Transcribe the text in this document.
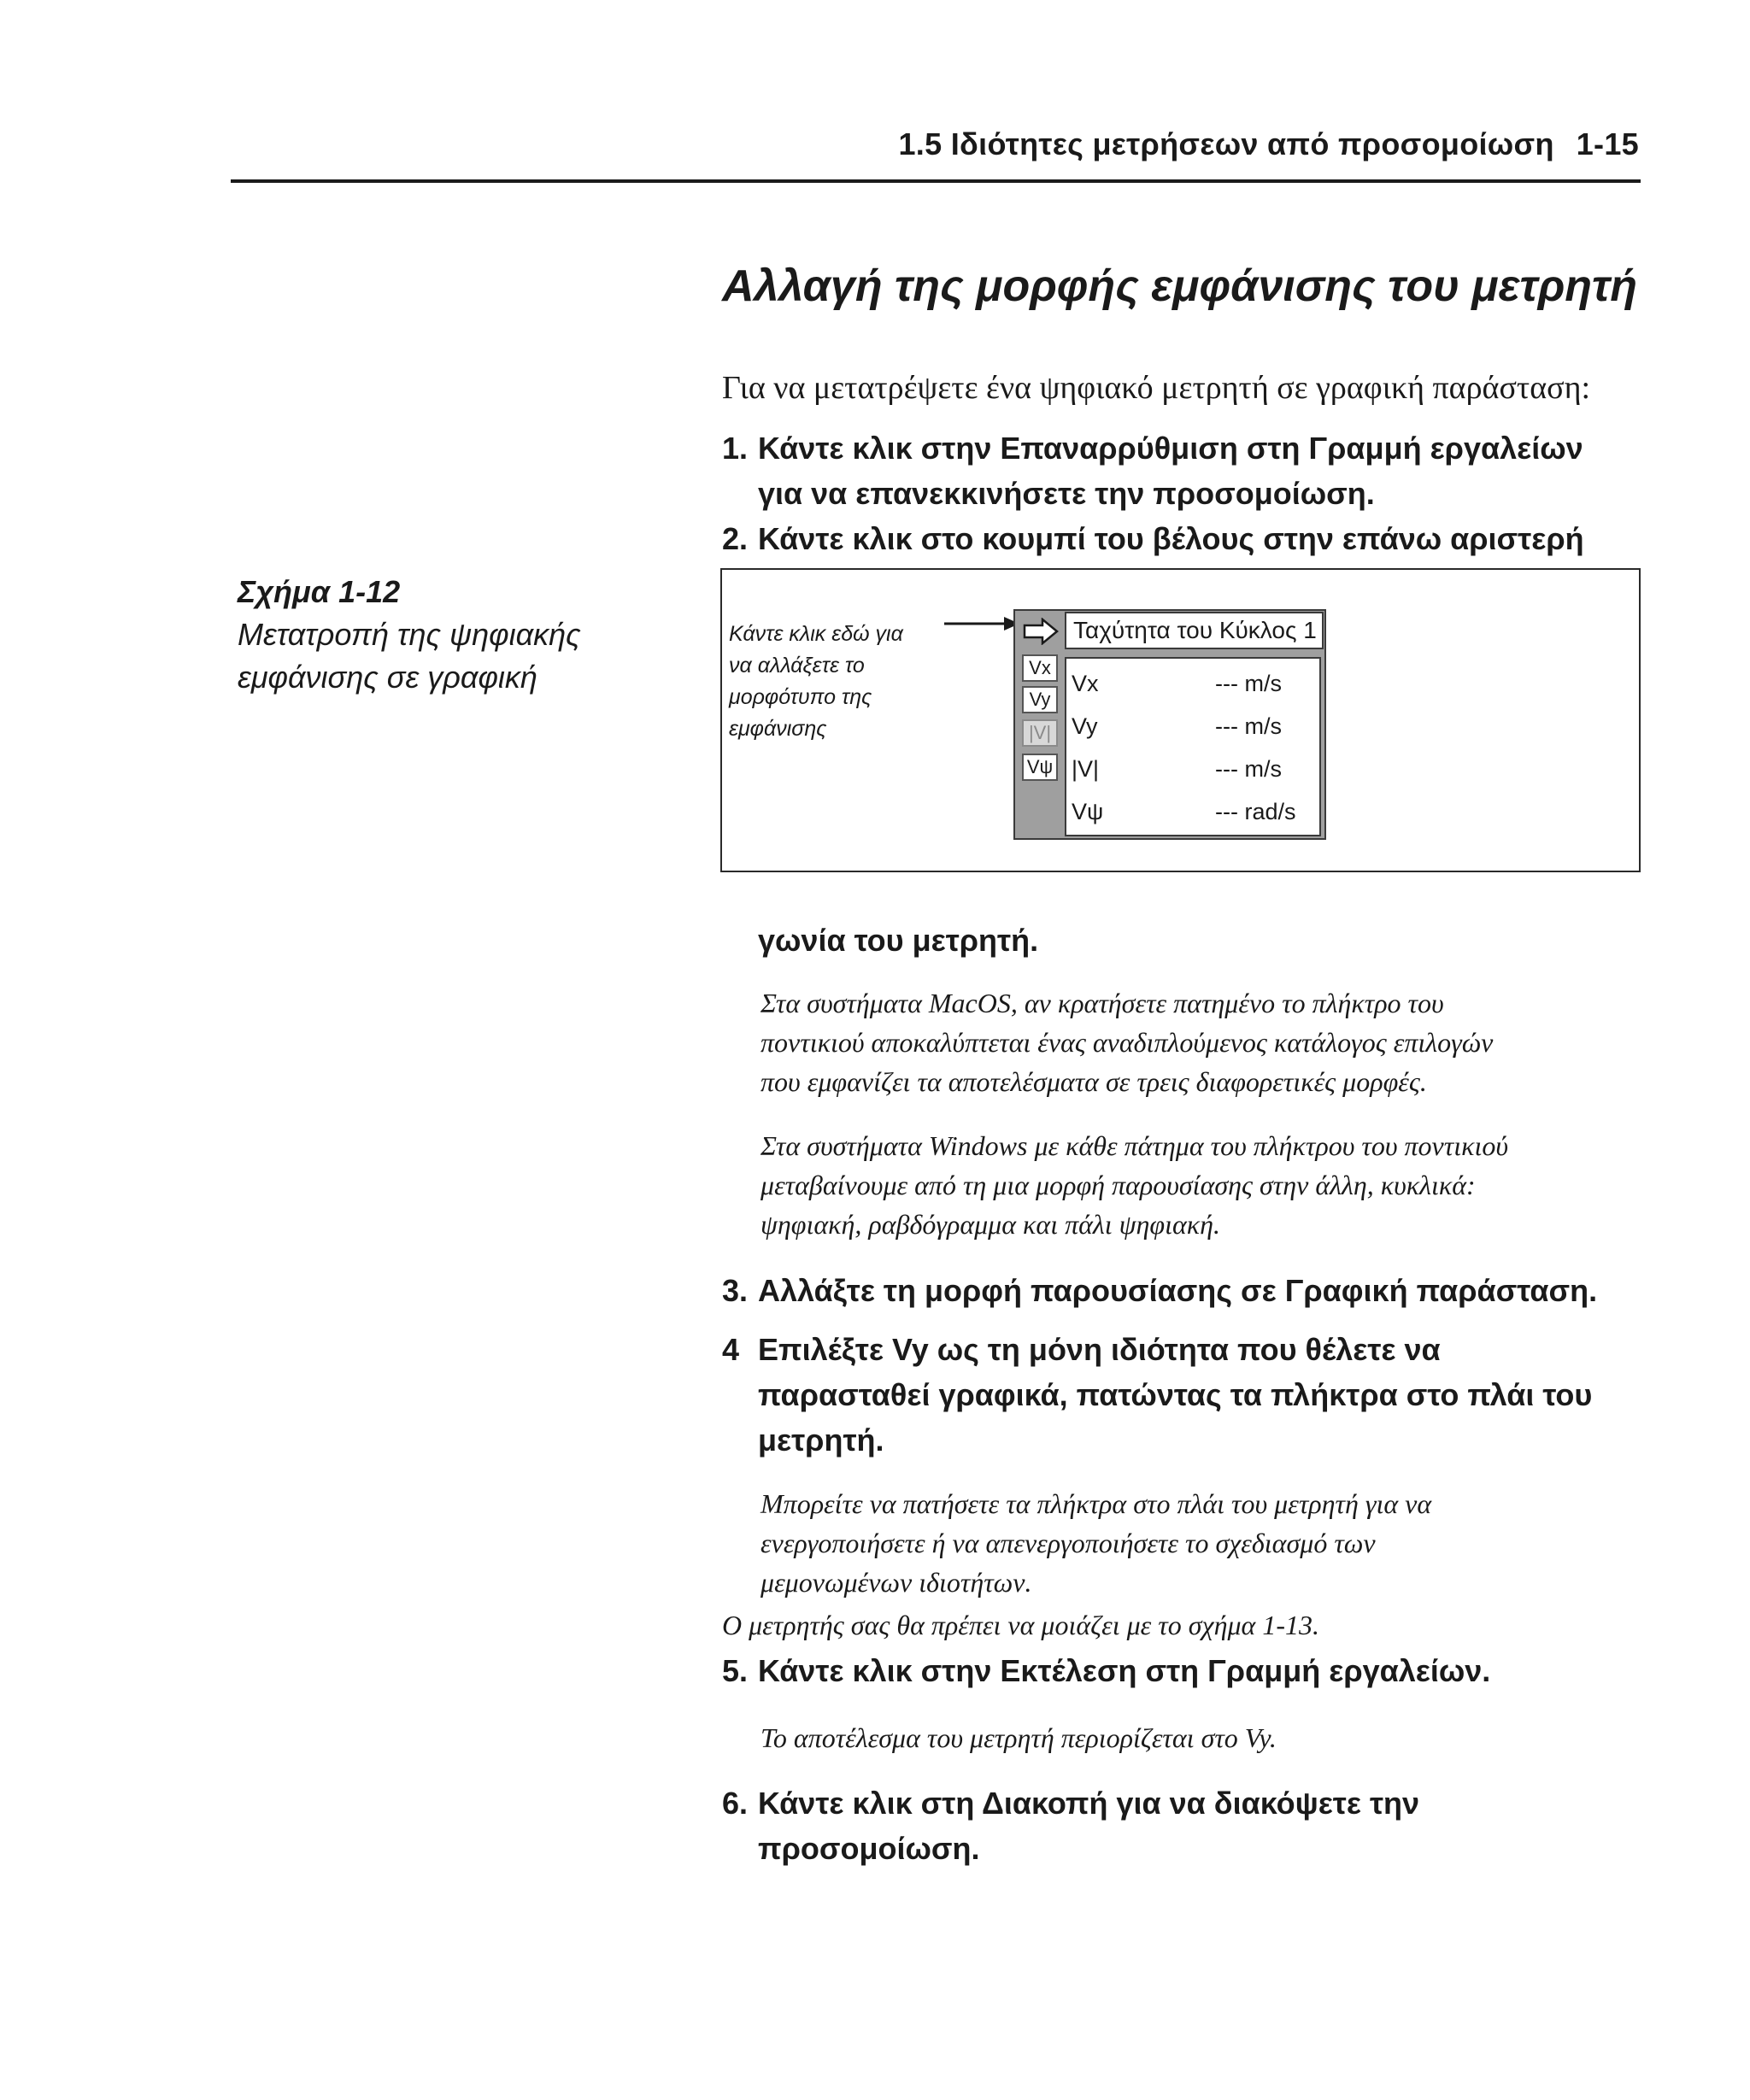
1.5 Ιδιότητες μετρήσεων από προσομοίωση 1-15
Αλλαγή της μορφής εμφάνισης του μετρητή
Για να μετατρέψετε ένα ψηφιακό μετρητή σε γραφική παράσταση:
1. Κάντε κλικ στην Επαναρρύθμιση στη Γραμμή εργαλείων
για να επανεκκινήσετε την προσομοίωση.
2. Κάντε κλικ στο κουμπί του βέλους στην επάνω αριστερή
Σχήμα 1-12
Μετατροπή της ψηφιακής
εμφάνισης σε γραφική
Κάντε κλικ εδώ για
να αλλάξετε το
μορφότυπο της
εμφάνισης
Ταχύτητα του Κύκλος 1
Vx
Vy
|V|
Vψ
Vx	--- m/s
Vy	--- m/s
|V|	--- m/s
Vψ	--- rad/s
γωνία του μετρητή.
Στα συστήματα MacOS, αν κρατήσετε πατημένο το πλήκτρο του
ποντικιού αποκαλύπτεται ένας αναδιπλούμενος κατάλογος επιλογών
που εμφανίζει τα αποτελέσματα σε τρεις διαφορετικές μορφές.
Στα συστήματα Windows με κάθε πάτημα του πλήκτρου του ποντικιού
μεταβαίνουμε από τη μια μορφή παρουσίασης στην άλλη, κυκλικά:
ψηφιακή, ραβδόγραμμα και πάλι ψηφιακή.
3. Αλλάξτε τη μορφή παρουσίασης σε Γραφική παράσταση.
4 Επιλέξτε Vy ως τη μόνη ιδιότητα που θέλετε να
παρασταθεί γραφικά, πατώντας τα πλήκτρα στο πλάι του
μετρητή.
Μπορείτε να πατήσετε τα πλήκτρα στο πλάι του μετρητή για να
ενεργοποιήσετε ή να απενεργοποιήσετε το σχεδιασμό των
μεμονωμένων ιδιοτήτων.
Ο μετρητής σας θα πρέπει να μοιάζει με το σχήμα 1-13.
5. Κάντε κλικ στην Εκτέλεση στη Γραμμή εργαλείων.
Το αποτέλεσμα του μετρητή περιορίζεται στο Vy.
6. Κάντε κλικ στη Διακοπή για να διακόψετε την
προσομοίωση.
